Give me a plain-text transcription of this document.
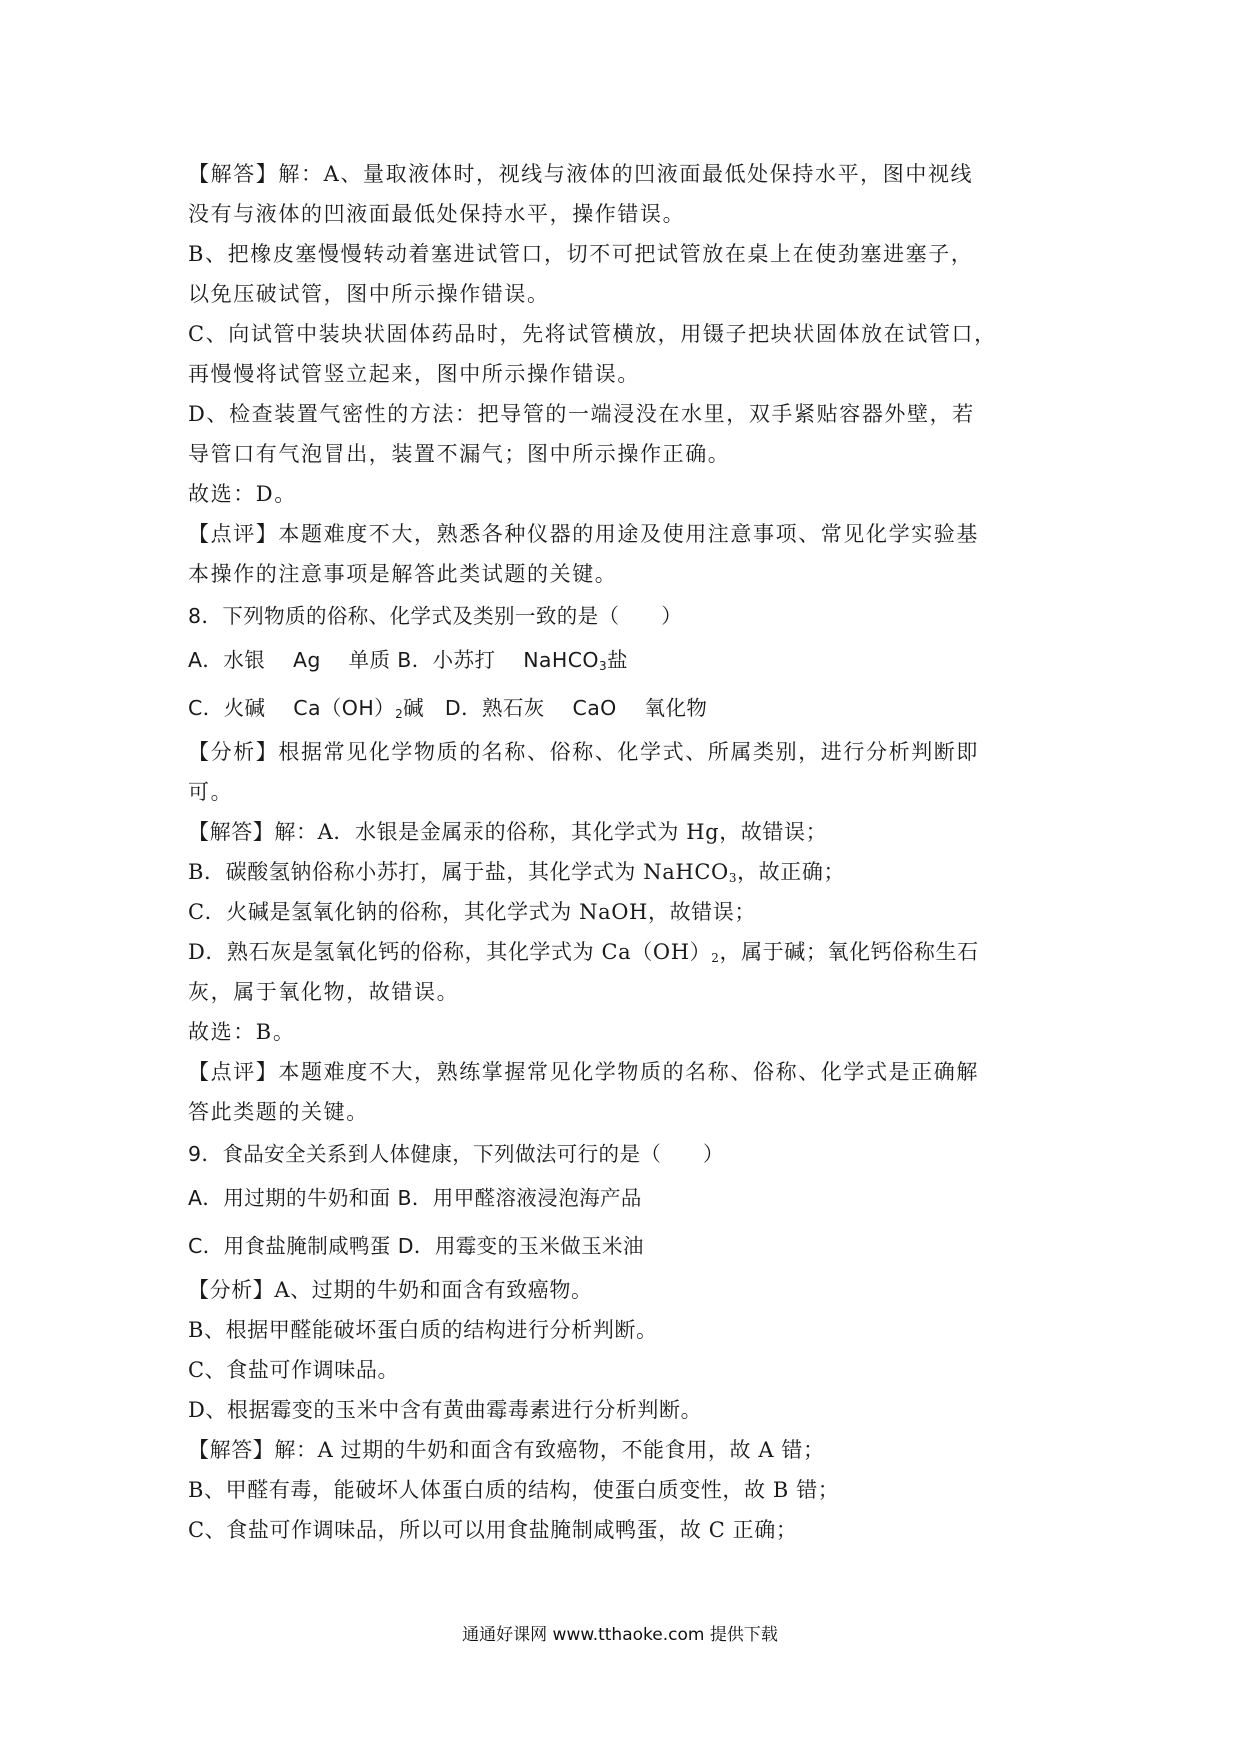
【解答】解：A、量取液体时，视线与液体的凹液面最低处保持水平，图中视线
没有与液体的凹液面最低处保持水平，操作错误。
B、把橡皮塞慢慢转动着塞进试管口，切不可把试管放在桌上在使劲塞进塞子，
以免压破试管，图中所示操作错误。
C、向试管中装块状固体药品时，先将试管横放，用镊子把块状固体放在试管口，
再慢慢将试管竖立起来，图中所示操作错误。
D、检查装置气密性的方法：把导管的一端浸没在水里，双手紧贴容器外壁，若
导管口有气泡冒出，装置不漏气；图中所示操作正确。
故选：D。
【点评】本题难度不大，熟悉各种仪器的用途及使用注意事项、常见化学实验基
本操作的注意事项是解答此类试题的关键。
8．下列物质的俗称、化学式及类别一致的是（　　）
A．水银　 Ag　 单质 B．小苏打　 NaHCO$_3$盐
C．火碱　 $Ca(OH)_2$碱　D．熟石灰　 CaO　 氧化物
【分析】根据常见化学物质的名称、俗称、化学式、所属类别，进行分析判断即
可。
【解答】解：A．水银是金属汞的俗称，其化学式为 Hg，故错误；
B．碳酸氢钠俗称小苏打，属于盐，其化学式为 NaHCO$_3$，故正确；
C．火碱是氢氧化钠的俗称，其化学式为 NaOH，故错误；
D．熟石灰是氢氧化钙的俗称，其化学式为 $Ca(OH)_2$，属于碱；氧化钙俗称生石
灰，属于氧化物，故错误。
故选：B。
【点评】本题难度不大，熟练掌握常见化学物质的名称、俗称、化学式是正确解
答此类题的关键。
9．食品安全关系到人体健康，下列做法可行的是（　　）
A．用过期的牛奶和面 B．用甲醛溶液浸泡海产品
C．用食盐腌制咸鸭蛋 D．用霉变的玉米做玉米油
【分析】A、过期的牛奶和面含有致癌物。
B、根据甲醛能破坏蛋白质的结构进行分析判断。
C、食盐可作调味品。
D、根据霉变的玉米中含有黄曲霉毒素进行分析判断。
【解答】解：A 过期的牛奶和面含有致癌物，不能食用，故 A 错；
B、甲醛有毒，能破坏人体蛋白质的结构，使蛋白质变性，故 B 错；
C、食盐可作调味品，所以可以用食盐腌制咸鸭蛋，故 C 正确；
通通好课网 www.tthaoke.com 提供下载
